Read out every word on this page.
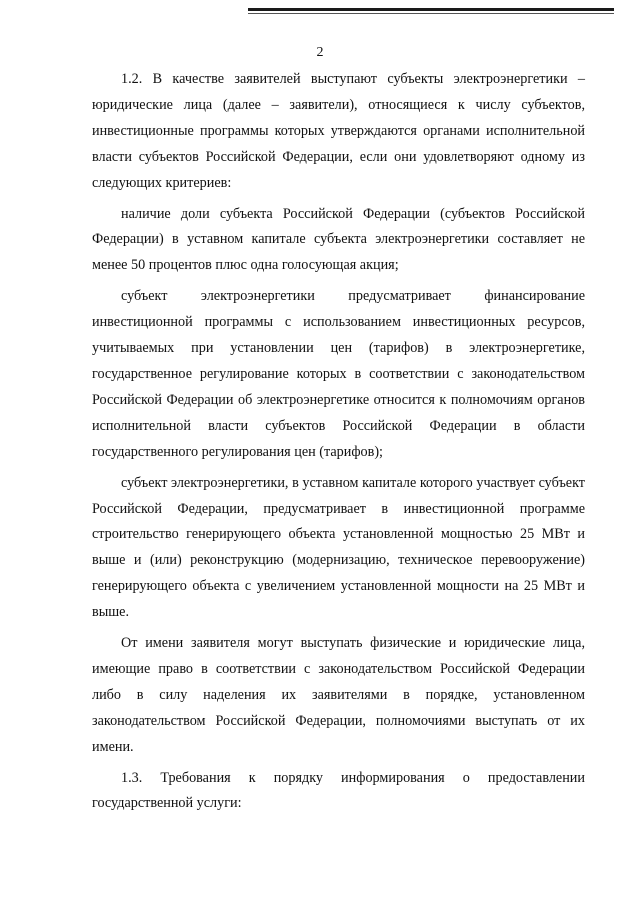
2

1.2. В качестве заявителей выступают субъекты электроэнергетики – юридические лица (далее – заявители), относящиеся к числу субъектов, инвестиционные программы которых утверждаются органами исполнительной власти субъектов Российской Федерации, если они удовлетворяют одному из следующих критериев:

наличие доли субъекта Российской Федерации (субъектов Российской Федерации) в уставном капитале субъекта электроэнергетики составляет не менее 50 процентов плюс одна голосующая акция;

субъект электроэнергетики предусматривает финансирование инвестиционной программы с использованием инвестиционных ресурсов, учитываемых при установлении цен (тарифов) в электроэнергетике, государственное регулирование которых в соответствии с законодательством Российской Федерации об электроэнергетике относится к полномочиям органов исполнительной власти субъектов Российской Федерации в области государственного регулирования цен (тарифов);

субъект электроэнергетики, в уставном капитале которого участвует субъект Российской Федерации, предусматривает в инвестиционной программе строительство генерирующего объекта установленной мощностью 25 МВт и выше и (или) реконструкцию (модернизацию, техническое перевооружение) генерирующего объекта с увеличением установленной мощности на 25 МВт и выше.

От имени заявителя могут выступать физические и юридические лица, имеющие право в соответствии с законодательством Российской Федерации либо в силу наделения их заявителями в порядке, установленном законодательством Российской Федерации, полномочиями выступать от их имени.

1.3. Требования к порядку информирования о предоставлении государственной услуги:
